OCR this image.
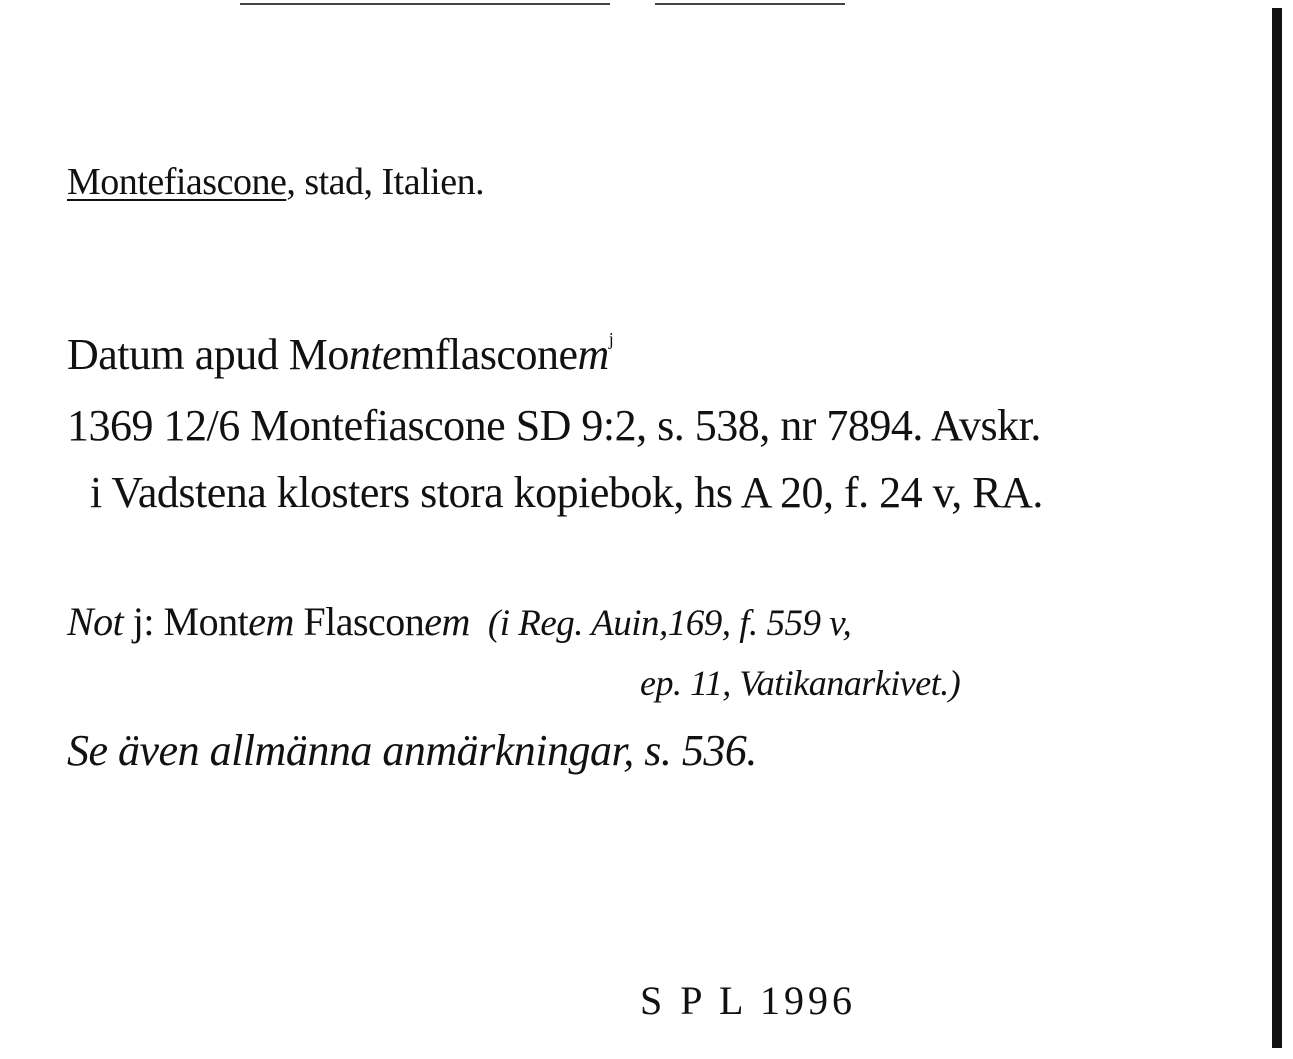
Montefiascone, stad, Italien.
Datum apud Montemflasconem$^j$
1369 12/6 Montefiascone SD 9:2, s. 538, nr 7894. Avskr.
i Vadstena klosters stora kopiebok, hs A 20, f. 24 v, RA.
Not j: Montem Flasconem (i Reg. Auin,169, f. 559 v,
ep. 11, Vatikanarkivet.)
Se även allmänna anmärkningar, s. 536.
S P L 1996
